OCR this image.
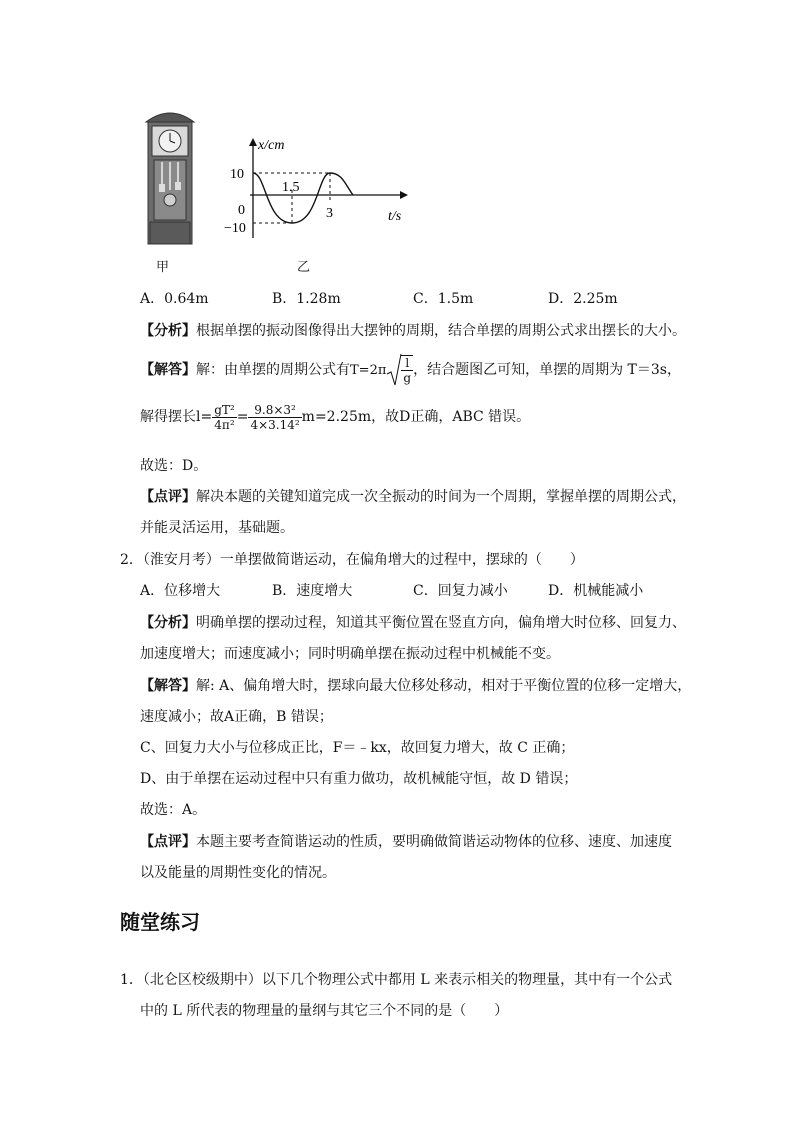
甲
x/cm
10
0
−10
1.5
3	t/s
乙
A．0.64m	B．1.28m	C．1.5m	D．2.25m
【分析】根据单摆的振动图像得出大摆钟的周期，结合单摆的周期公式求出摆长的大小。
【解答】解：由单摆的周期公式有$T=2\pi \frac{l}{g}$ ，结合题图乙可知，单摆的周期为 T＝3s，
解得摆长$l= \frac{\text{gT²}}{\text{4π²}} = \frac{\text{9.8×3²}}{\text{4×3.14²}} m=2.25m$，故D正确，ABC 错误。
故选：D。
【点评】解决本题的关键知道完成一次全振动的时间为一个周期，掌握单摆的周期公式，
并能灵活运用，基础题。
2．（淮安月考）一单摆做简谐运动，在偏角增大的过程中，摆球的（　　）
A．位移增大	B．速度增大	C．回复力减小	D．机械能减小
【分析】明确单摆的摆动过程，知道其平衡位置在竖直方向，偏角增大时位移、回复力、
加速度增大；而速度减小；同时明确单摆在振动过程中机械能不变。
【解答】解: A、偏角增大时，摆球向最大位移处移动，相对于平衡位置的位移一定增大，
速度减小；故A正确，B 错误；
C、回复力大小与位移成正比，F＝﹣kx，故回复力增大，故 C 正确；
D、由于单摆在运动过程中只有重力做功，故机械能守恒，故 D 错误；
故选：A。
【点评】本题主要考查简谐运动的性质，要明确做简谐运动物体的位移、速度、加速度
以及能量的周期性变化的情况。
随堂练习
1．（北仑区校级期中）以下几个物理公式中都用 L 来表示相关的物理量，其中有一个公式
中的 L 所代表的物理量的量纲与其它三个不同的是（　　）
